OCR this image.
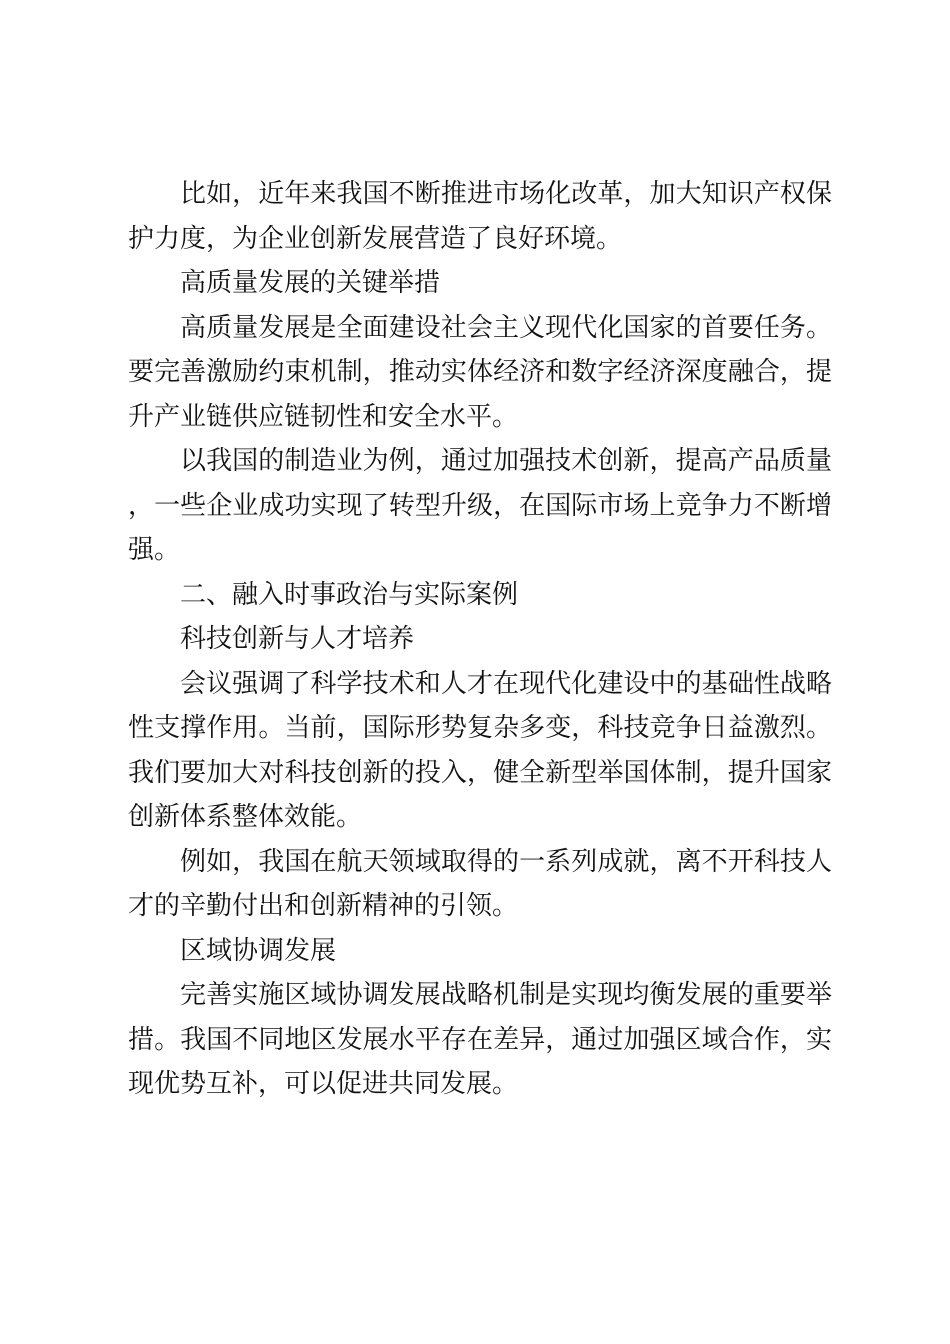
比如，近年来我国不断推进市场化改革，加大知识产权保护力度，为企业创新发展营造了良好环境。

高质量发展的关键举措

高质量发展是全面建设社会主义现代化国家的首要任务。要完善激励约束机制，推动实体经济和数字经济深度融合，提升产业链供应链韧性和安全水平。

以我国的制造业为例，通过加强技术创新，提高产品质量，一些企业成功实现了转型升级，在国际市场上竞争力不断增强。

二、融入时事政治与实际案例

科技创新与人才培养

会议强调了科学技术和人才在现代化建设中的基础性战略性支撑作用。当前，国际形势复杂多变，科技竞争日益激烈。我们要加大对科技创新的投入，健全新型举国体制，提升国家创新体系整体效能。

例如，我国在航天领域取得的一系列成就，离不开科技人才的辛勤付出和创新精神的引领。

区域协调发展

完善实施区域协调发展战略机制是实现均衡发展的重要举措。我国不同地区发展水平存在差异，通过加强区域合作，实现优势互补，可以促进共同发展。
